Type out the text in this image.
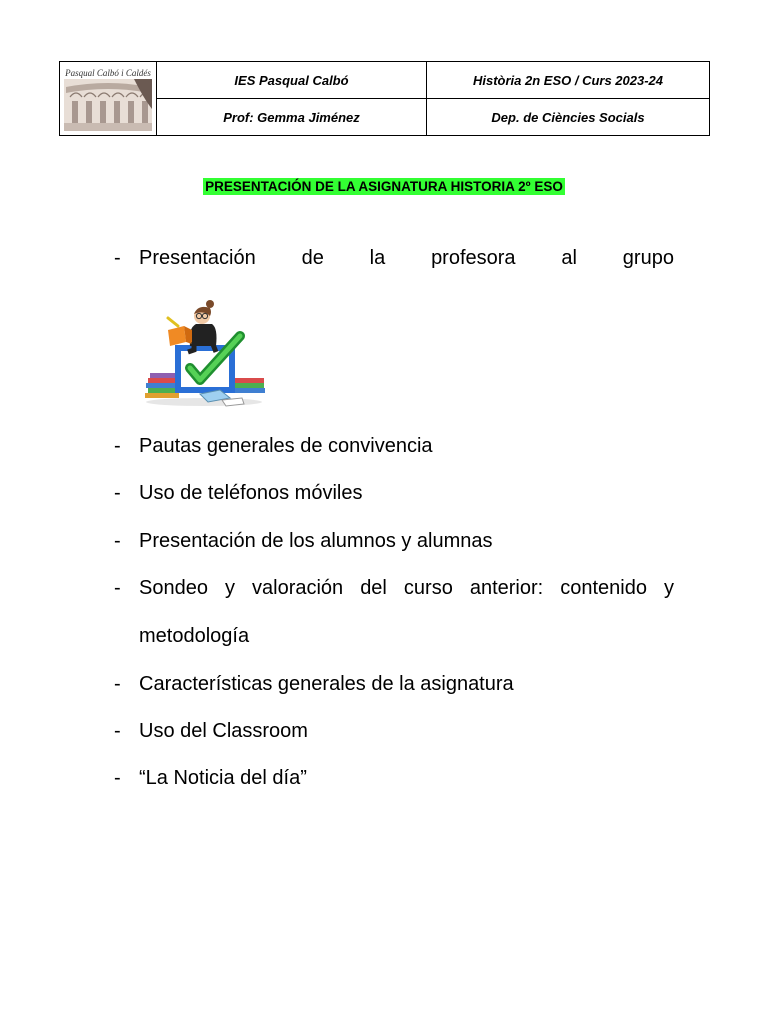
Pasqual Calbó i Caldés	IES Pasqual Calbó	Història 2n ESO / Curs 2023-24
	Prof: Gemma Jiménez	Dep. de Ciències Socials
PRESENTACIÓN DE LA ASIGNATURA HISTORIA 2º ESO
- Presentación de la profesora al grupo
- Pautas generales de convivencia
- Uso de teléfonos móviles
- Presentación de los alumnos y alumnas
- Sondeo y valoración del curso anterior: contenido y
metodología
- Características generales de la asignatura
- Uso del Classroom
- “La Noticia del día”
